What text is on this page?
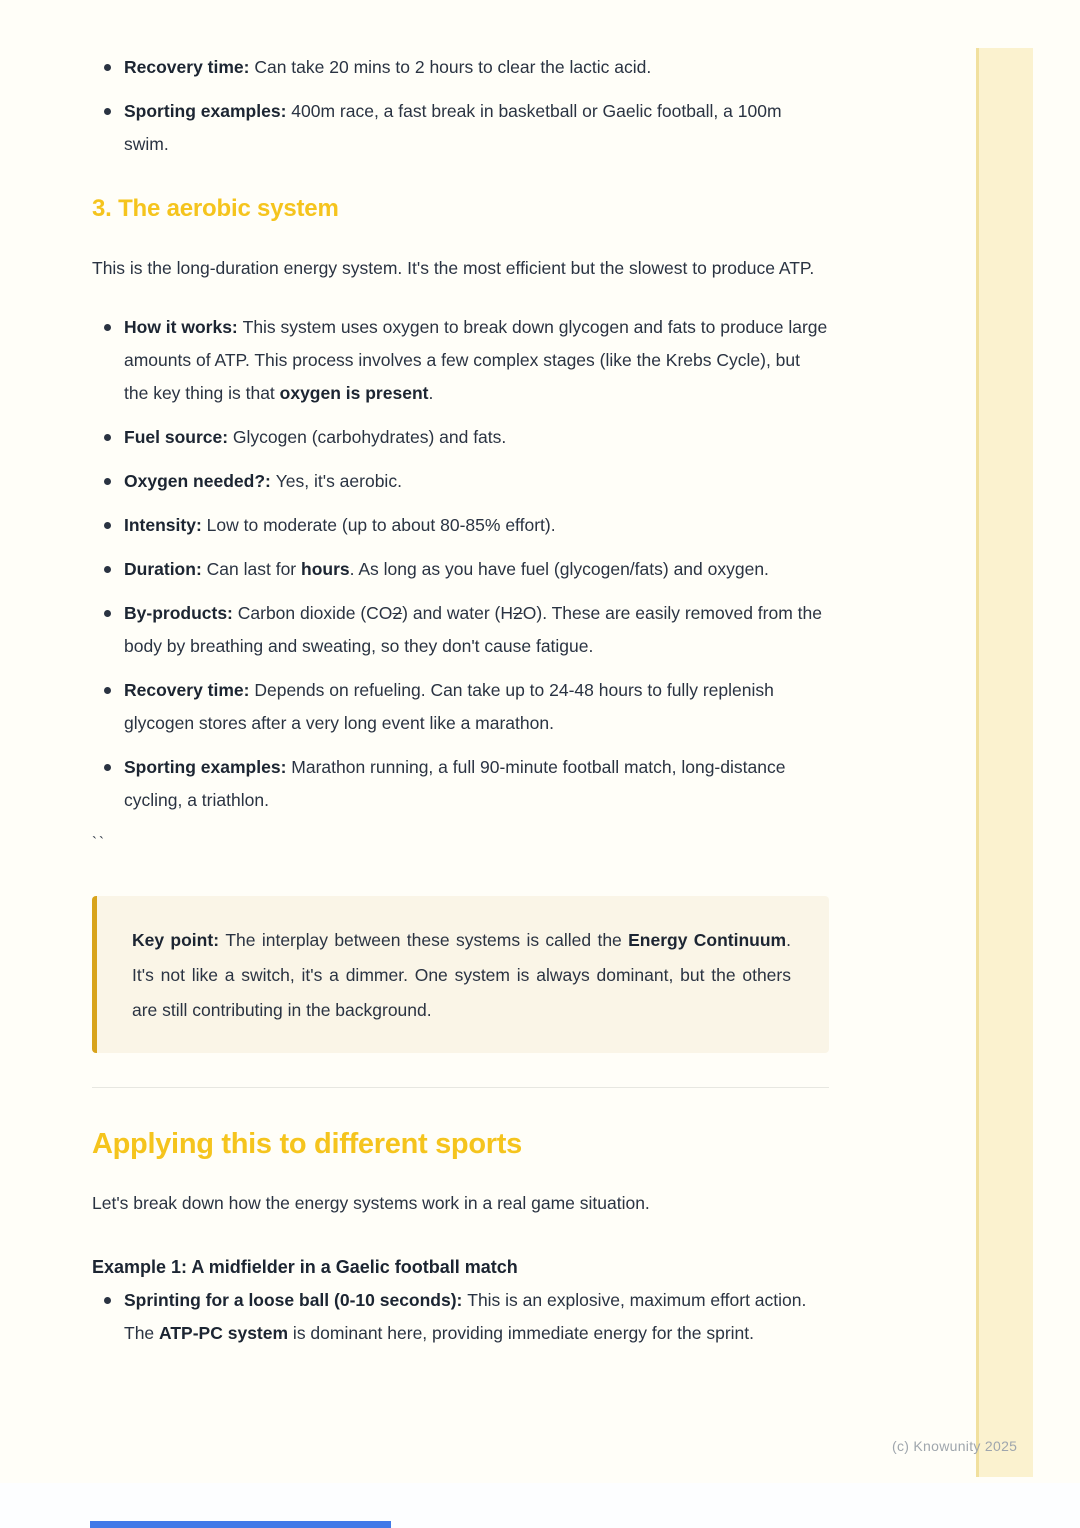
(c) Knowunity 2025
Recovery time: Can take 20 mins to 2 hours to clear the lactic acid.
Sporting examples: 400m race, a fast break in basketball or Gaelic football, a 100m swim.
3. The aerobic system

This is the long-duration energy system. It's the most efficient but the slowest to produce ATP.

How it works: This system uses oxygen to break down glycogen and fats to produce large amounts of ATP. This process involves a few complex stages (like the Krebs Cycle), but the key thing is that oxygen is present.
Fuel source: Glycogen (carbohydrates) and fats.
Oxygen needed?: Yes, it's aerobic.
Intensity: Low to moderate (up to about 80-85% effort).
Duration: Can last for hours. As long as you have fuel (glycogen/fats) and oxygen.
By-products: Carbon dioxide (CO2) and water (H2O). These are easily removed from the body by breathing and sweating, so they don't cause fatigue.
Recovery time: Depends on refueling. Can take up to 24-48 hours to fully replenish glycogen stores after a very long event like a marathon.
Sporting examples: Marathon running, a full 90-minute football match, long-distance cycling, a triathlon.

``

Key point: The interplay between these systems is called the Energy Continuum. It's not like a switch, it's a dimmer. One system is always dominant, but the others are still contributing in the background.
Applying this to different sports

Let's break down how the energy systems work in a real game situation.

Example 1: A midfielder in a Gaelic football match

Sprinting for a loose ball (0-10 seconds): This is an explosive, maximum effort action. The ATP-PC system is dominant here, providing immediate energy for the sprint.
